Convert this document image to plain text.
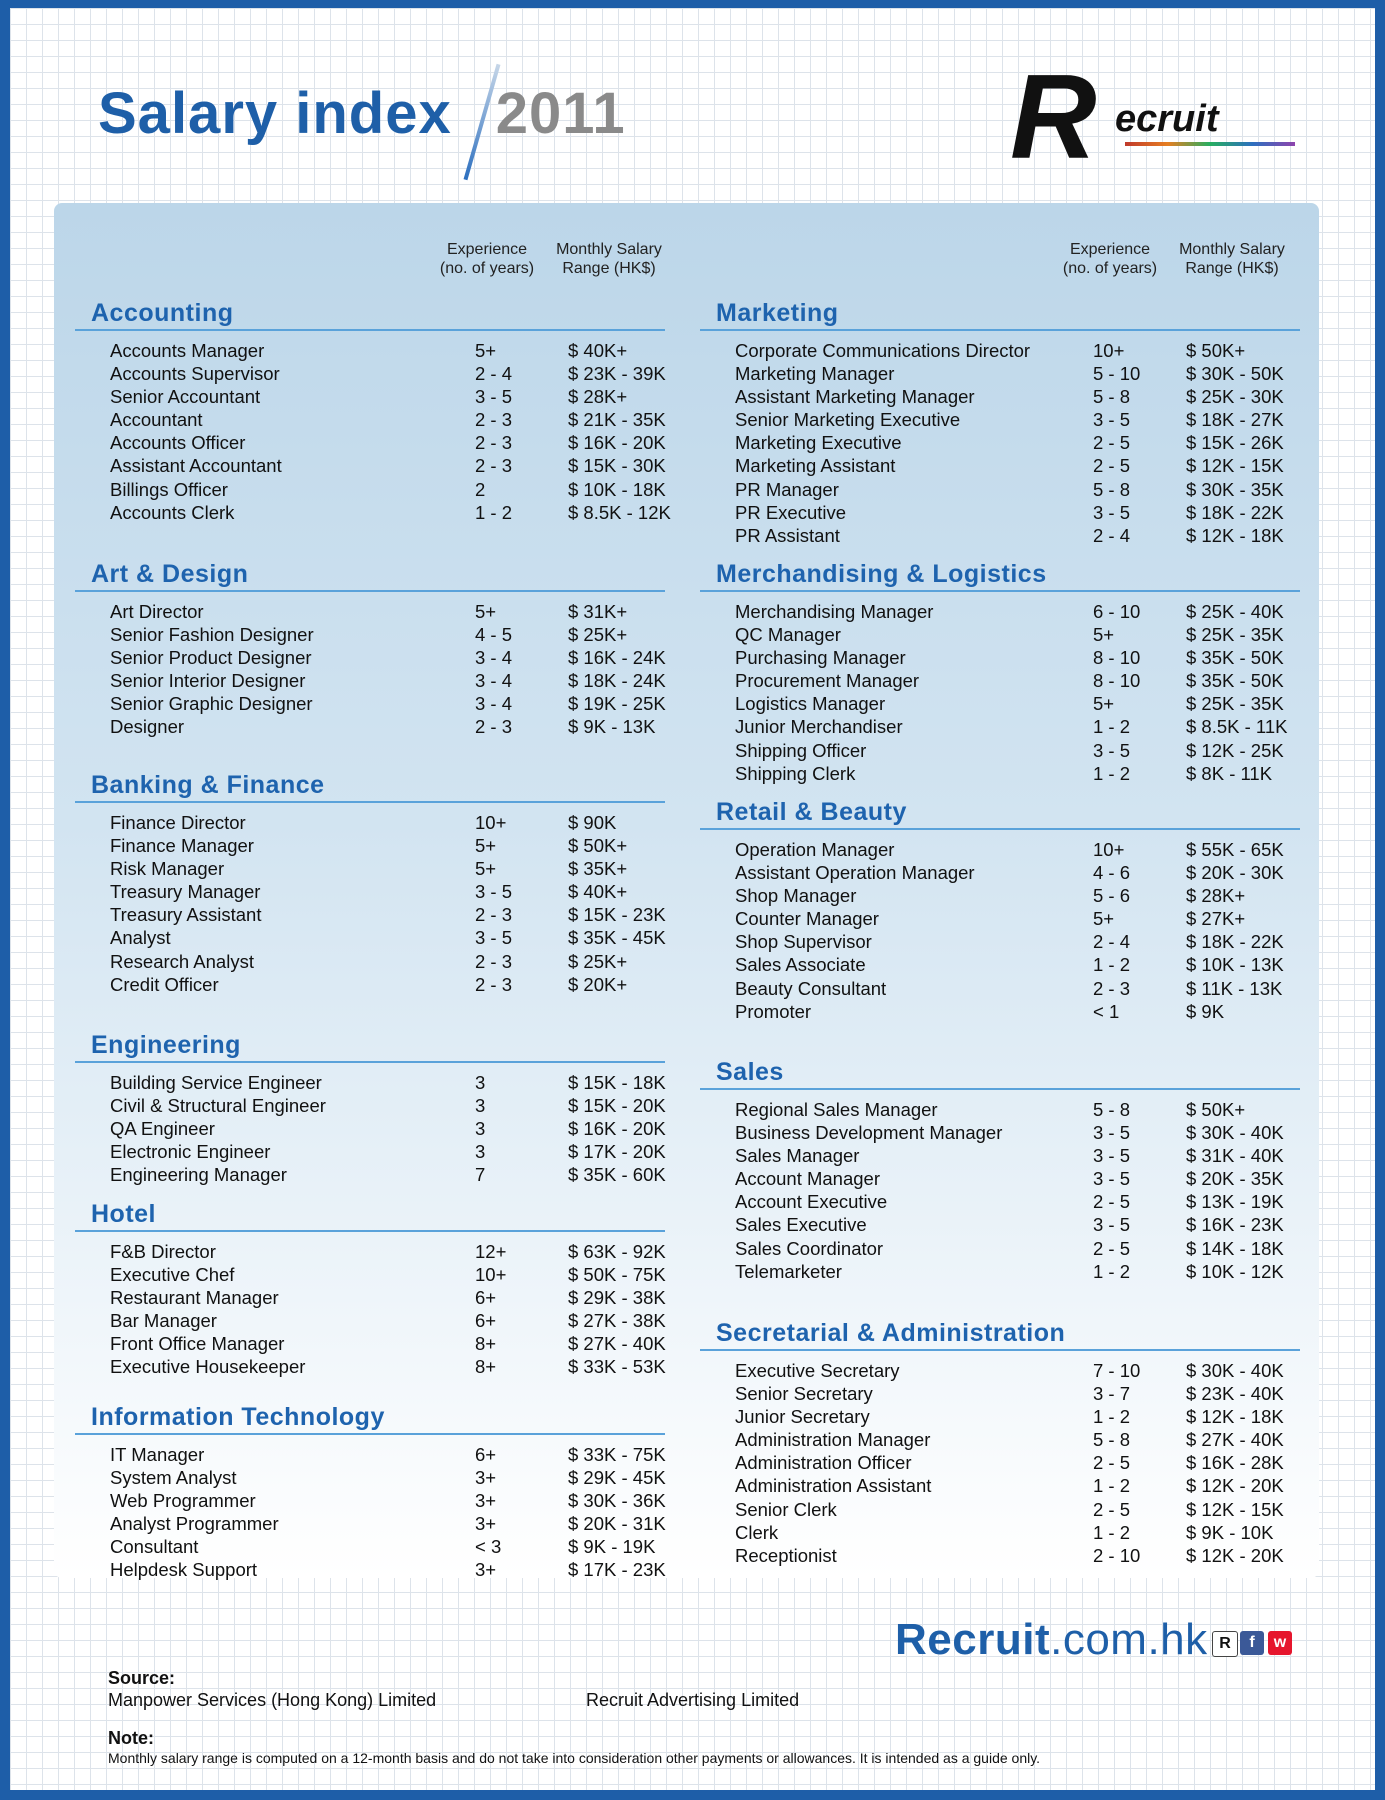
Salary index 2011	R ecruit
Experience
(no. of years)
Monthly Salary
Range (HK$)
Experience
(no. of years)
Monthly Salary
Range (HK$)
Accounting
Accounts Manager	5+	$ 40K+
Accounts Supervisor	2 - 4	$ 23K - 39K
Senior Accountant	3 - 5	$ 28K+
Accountant	2 - 3	$ 21K - 35K
Accounts Officer	2 - 3	$ 16K - 20K
Assistant Accountant	2 - 3	$ 15K - 30K
Billings Officer	2	$ 10K - 18K
Accounts Clerk	1 - 2	$ 8.5K - 12K
Art & Design
Art Director	5+	$ 31K+
Senior Fashion Designer	4 - 5	$ 25K+
Senior Product Designer	3 - 4	$ 16K - 24K
Senior Interior Designer	3 - 4	$ 18K - 24K
Senior Graphic Designer	3 - 4	$ 19K - 25K
Designer	2 - 3	$ 9K - 13K
Banking & Finance
Finance Director	10+	$ 90K
Finance Manager	5+	$ 50K+
Risk Manager	5+	$ 35K+
Treasury Manager	3 - 5	$ 40K+
Treasury Assistant	2 - 3	$ 15K - 23K
Analyst	3 - 5	$ 35K - 45K
Research Analyst	2 - 3	$ 25K+
Credit Officer	2 - 3	$ 20K+
Engineering
Building Service Engineer	3	$ 15K - 18K
Civil & Structural Engineer	3	$ 15K - 20K
QA Engineer	3	$ 16K - 20K
Electronic Engineer	3	$ 17K - 20K
Engineering Manager	7	$ 35K - 60K
Hotel
F&B Director	12+	$ 63K - 92K
Executive Chef	10+	$ 50K - 75K
Restaurant Manager	6+	$ 29K - 38K
Bar Manager	6+	$ 27K - 38K
Front Office Manager	8+	$ 27K - 40K
Executive Housekeeper	8+	$ 33K - 53K
Information Technology
IT Manager	6+	$ 33K - 75K
System Analyst	3+	$ 29K - 45K
Web Programmer	3+	$ 30K - 36K
Analyst Programmer	3+	$ 20K - 31K
Consultant	< 3	$ 9K - 19K
Helpdesk Support	3+	$ 17K - 23K
Marketing
Corporate Communications Director	10+	$ 50K+
Marketing Manager	5 - 10 $ 30K - 50K
Assistant Marketing Manager	5 - 8	$ 25K - 30K
Senior Marketing Executive	3 - 5	$ 18K - 27K
Marketing Executive	2 - 5	$ 15K - 26K
Marketing Assistant	2 - 5	$ 12K - 15K
PR Manager	5 - 8	$ 30K - 35K
PR Executive	3 - 5	$ 18K - 22K
PR Assistant	2 - 4	$ 12K - 18K
Merchandising & Logistics
Merchandising Manager	6 - 10 $ 25K - 40K
QC Manager	5+	$ 25K - 35K
Purchasing Manager	8 - 10 $ 35K - 50K
Procurement Manager	8 - 10 $ 35K - 50K
Logistics Manager	5+	$ 25K - 35K
Junior Merchandiser	1 - 2	$ 8.5K - 11K
Shipping Officer	3 - 5	$ 12K - 25K
Shipping Clerk	1 - 2	$ 8K - 11K
Retail & Beauty
Operation Manager	10+	$ 55K - 65K
Assistant Operation Manager	4 - 6	$ 20K - 30K
Shop Manager	5 - 6	$ 28K+
Counter Manager	5+	$ 27K+
Shop Supervisor	2 - 4	$ 18K - 22K
Sales Associate	1 - 2	$ 10K - 13K
Beauty Consultant	2 - 3	$ 11K - 13K
Promoter	< 1	$ 9K
Sales
Regional Sales Manager	5 - 8	$ 50K+
Business Development Manager	3 - 5	$ 30K - 40K
Sales Manager	3 - 5	$ 31K - 40K
Account Manager	3 - 5	$ 20K - 35K
Account Executive	2 - 5	$ 13K - 19K
Sales Executive	3 - 5	$ 16K - 23K
Sales Coordinator	2 - 5	$ 14K - 18K
Telemarketer	1 - 2	$ 10K - 12K
Secretarial & Administration
Executive Secretary	7 - 10 $ 30K - 40K
Senior Secretary	3 - 7	$ 23K - 40K
Junior Secretary	1 - 2	$ 12K - 18K
Administration Manager	5 - 8	$ 27K - 40K
Administration Officer	2 - 5	$ 16K - 28K
Administration Assistant	1 - 2	$ 12K - 20K
Senior Clerk	2 - 5	$ 12K - 15K
Clerk	1 - 2	$ 9K - 10K
Receptionist	2 - 10 $ 12K - 20K
Recruit.com.hk R	f	w
Source:
Manpower Services (Hong Kong) Limited	Recruit Advertising Limited
Note:
Monthly salary range is computed on a 12-month basis and do not take into consideration other payments or allowances. It is intended as a guide only.
